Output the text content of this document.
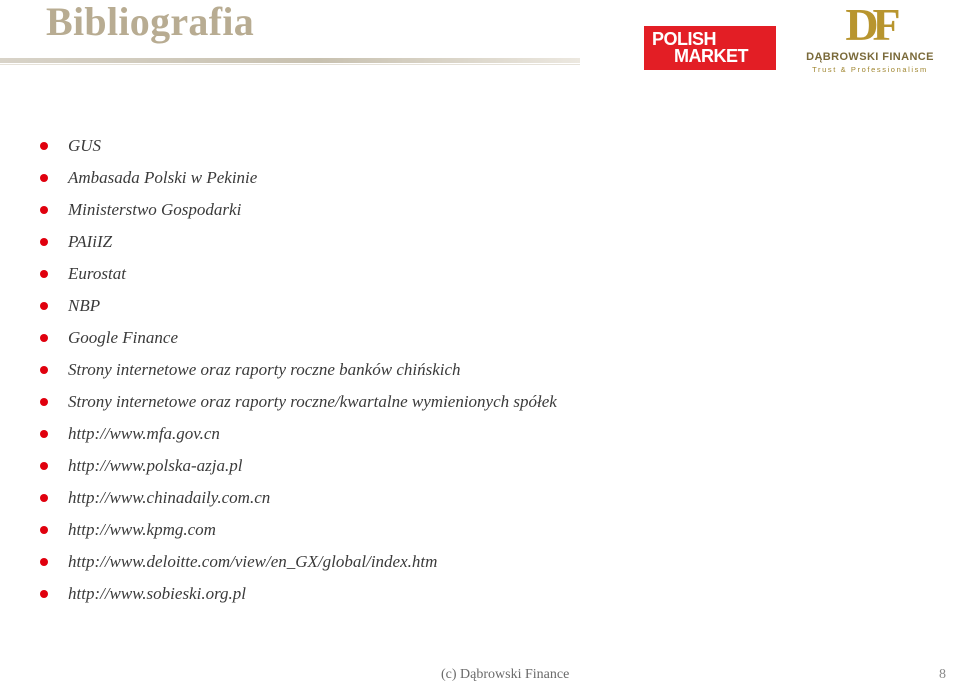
Bibliografia	POLISH
MARKET
DF
DĄBROWSKI FINANCE
Trust & Professionalism
GUS
Ambasada Polski w Pekinie
Ministerstwo Gospodarki
PAIiIZ
Eurostat
NBP
Google Finance
Strony internetowe oraz raporty roczne banków chińskich
Strony internetowe oraz raporty roczne/kwartalne wymienionych spółek
http://www.mfa.gov.cn
http://www.polska-azja.pl
http://www.chinadaily.com.cn
http://www.kpmg.com
http://www.deloitte.com/view/en_GX/global/index.htm
http://www.sobieski.org.pl
(c) Dąbrowski Finance	8
